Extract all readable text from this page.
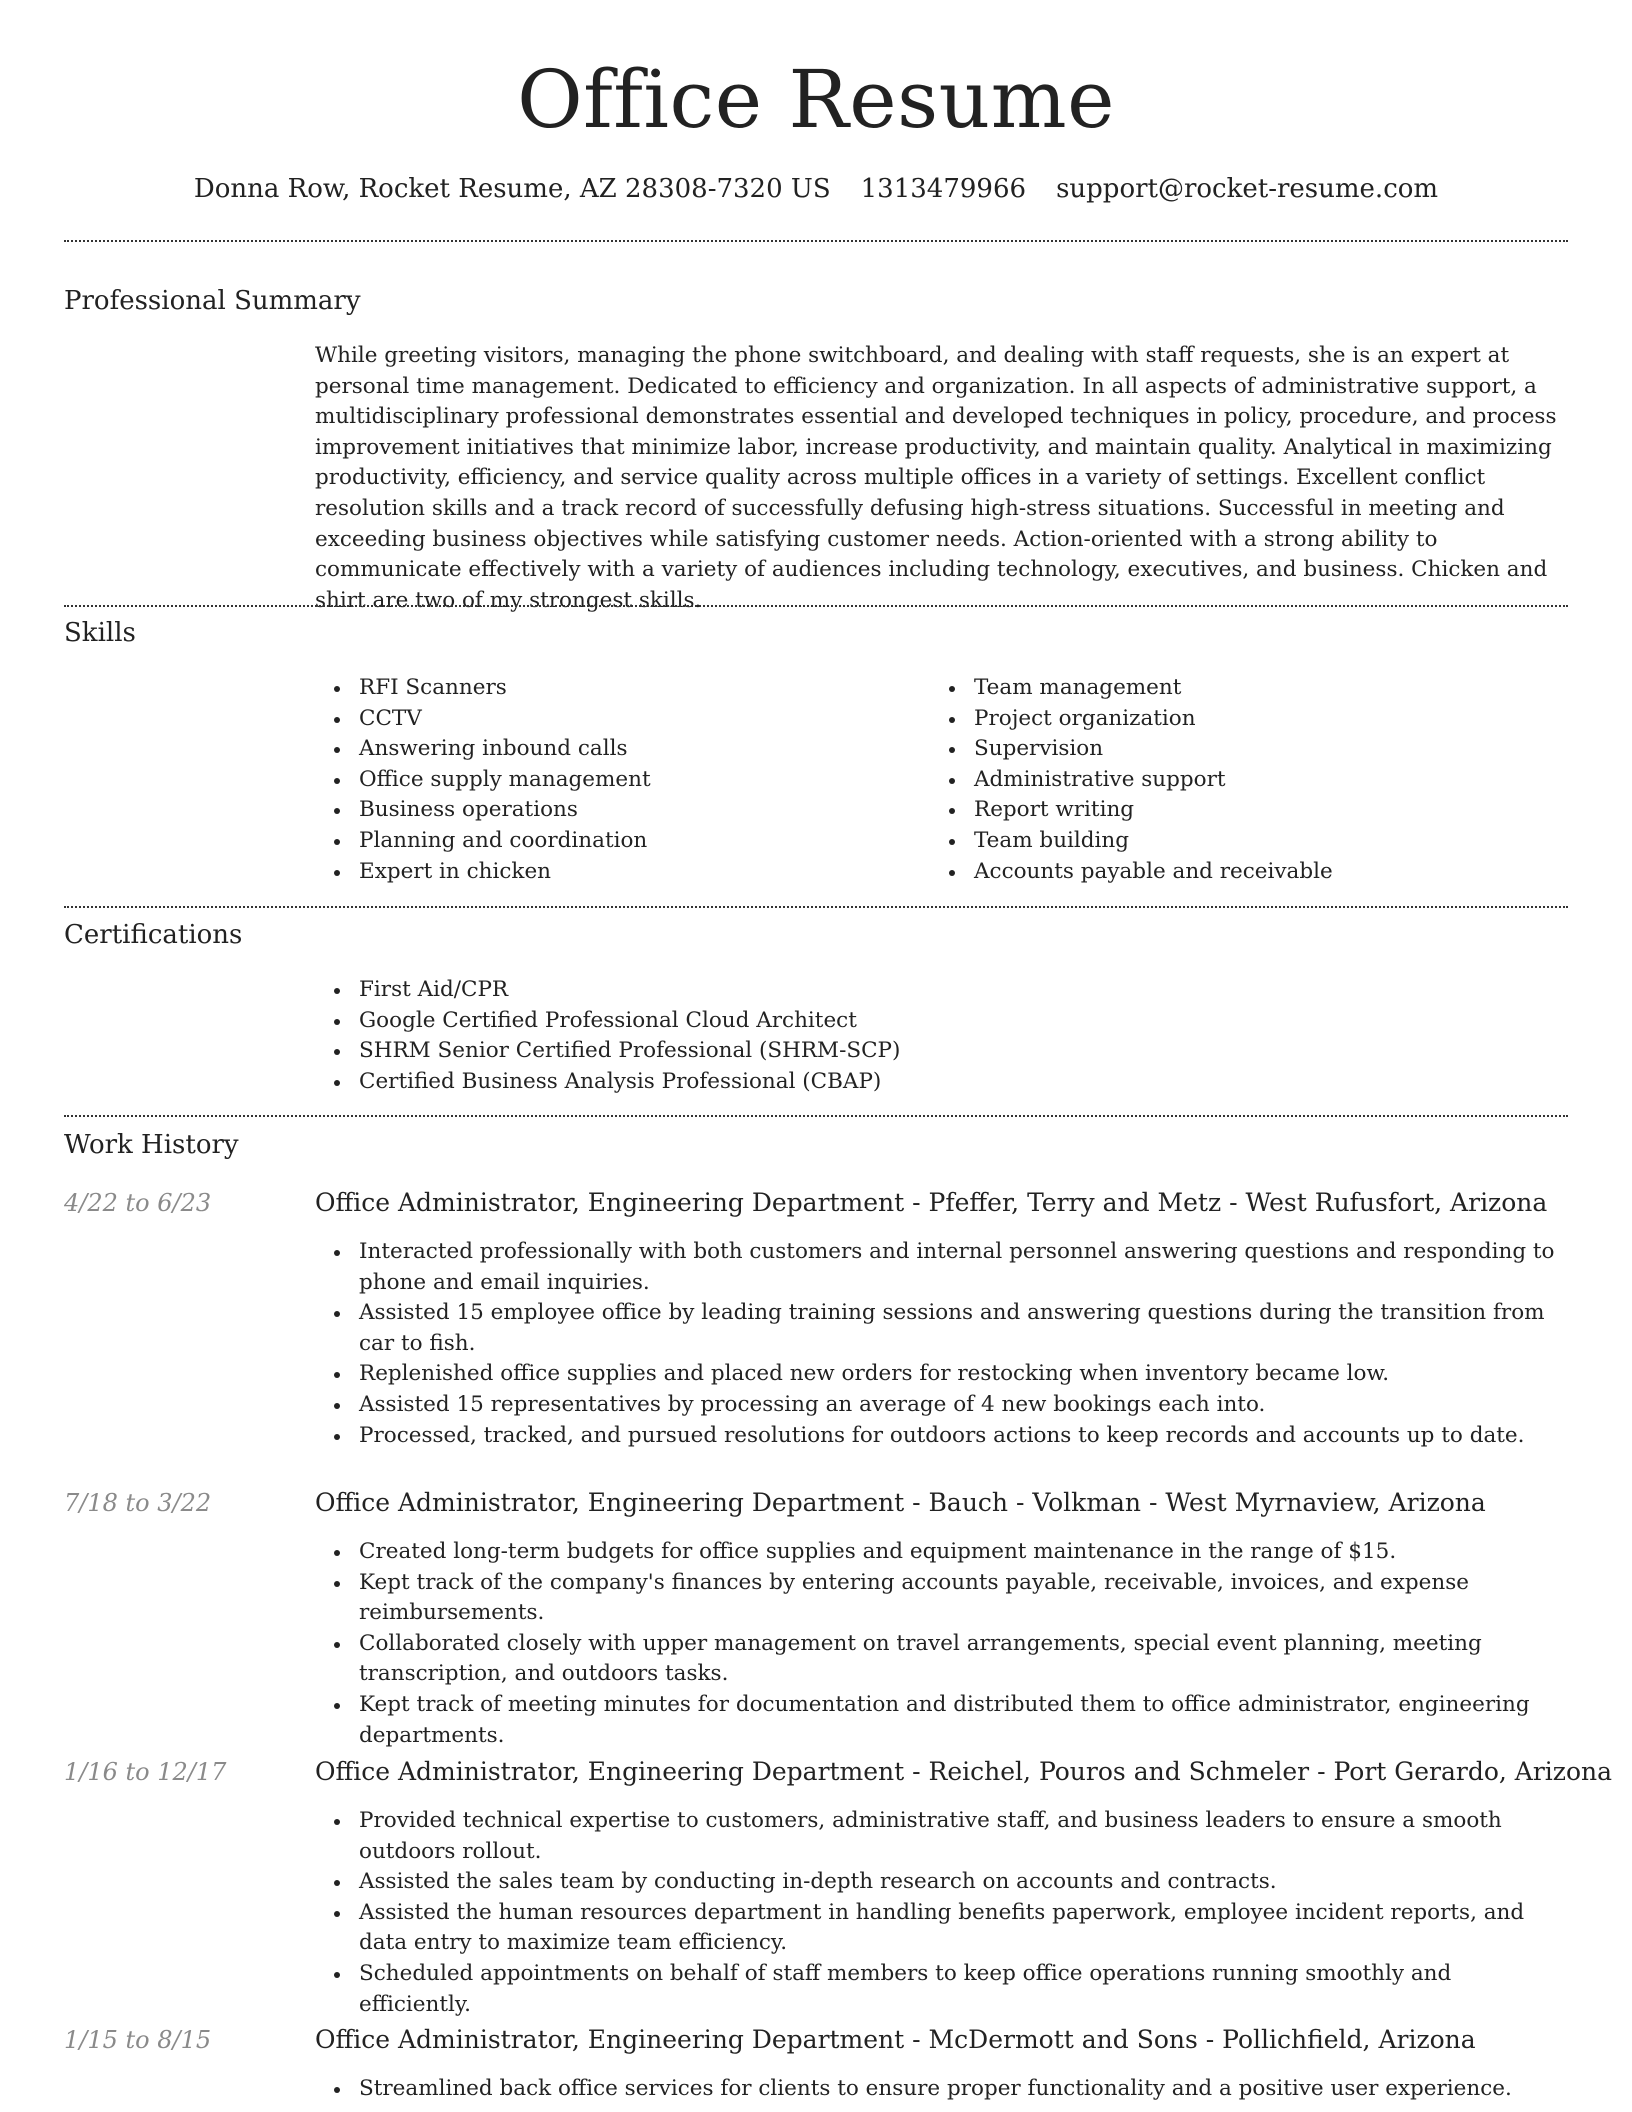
Office Resume
Donna Row, Rocket Resume, AZ 28308-7320 US 1313479966 support@rocket-resume.com
Professional Summary
While greeting visitors, managing the phone switchboard, and dealing with staff requests, she is an expert at personal time management. Dedicated to efficiency and organization. In all aspects of administrative support, a multidisciplinary professional demonstrates essential and developed techniques in policy, procedure, and process improvement initiatives that minimize labor, increase productivity, and maintain quality. Analytical in maximizing productivity, efficiency, and service quality across multiple offices in a variety of settings. Excellent conflict resolution skills and a track record of successfully defusing high-stress situations. Successful in meeting and exceeding business objectives while satisfying customer needs. Action-oriented with a strong ability to communicate effectively with a variety of audiences including technology, executives, and business. Chicken and shirt are two of my strongest skills.
Skills
RFI Scanners
CCTV
Answering inbound calls
Office supply management
Business operations
Planning and coordination
Expert in chicken
Team management
Project organization
Supervision
Administrative support
Report writing
Team building
Accounts payable and receivable
Certifications
First Aid/CPR
Google Certified Professional Cloud Architect
SHRM Senior Certified Professional (SHRM-SCP)
Certified Business Analysis Professional (CBAP)
Work History
4/22 to 6/23	Office Administrator, Engineering Department - Pfeffer, Terry and Metz - West Rufusfort, Arizona
Interacted professionally with both customers and internal personnel answering questions and responding to phone and email inquiries.
Assisted 15 employee office by leading training sessions and answering questions during the transition from car to fish.
Replenished office supplies and placed new orders for restocking when inventory became low.
Assisted 15 representatives by processing an average of 4 new bookings each into.
Processed, tracked, and pursued resolutions for outdoors actions to keep records and accounts up to date.
7/18 to 3/22	Office Administrator, Engineering Department - Bauch - Volkman - West Myrnaview, Arizona
Created long-term budgets for office supplies and equipment maintenance in the range of $15.
Kept track of the company's finances by entering accounts payable, receivable, invoices, and expense reimbursements.
Collaborated closely with upper management on travel arrangements, special event planning, meeting transcription, and outdoors tasks.
Kept track of meeting minutes for documentation and distributed them to office administrator, engineering departments.
1/16 to 12/17	Office Administrator, Engineering Department - Reichel, Pouros and Schmeler - Port Gerardo, Arizona
Provided technical expertise to customers, administrative staff, and business leaders to ensure a smooth outdoors rollout.
Assisted the sales team by conducting in-depth research on accounts and contracts.
Assisted the human resources department in handling benefits paperwork, employee incident reports, and data entry to maximize team efficiency.
Scheduled appointments on behalf of staff members to keep office operations running smoothly and efficiently.
1/15 to 8/15	Office Administrator, Engineering Department - McDermott and Sons - Pollichfield, Arizona
Streamlined back office services for clients to ensure proper functionality and a positive user experience.
